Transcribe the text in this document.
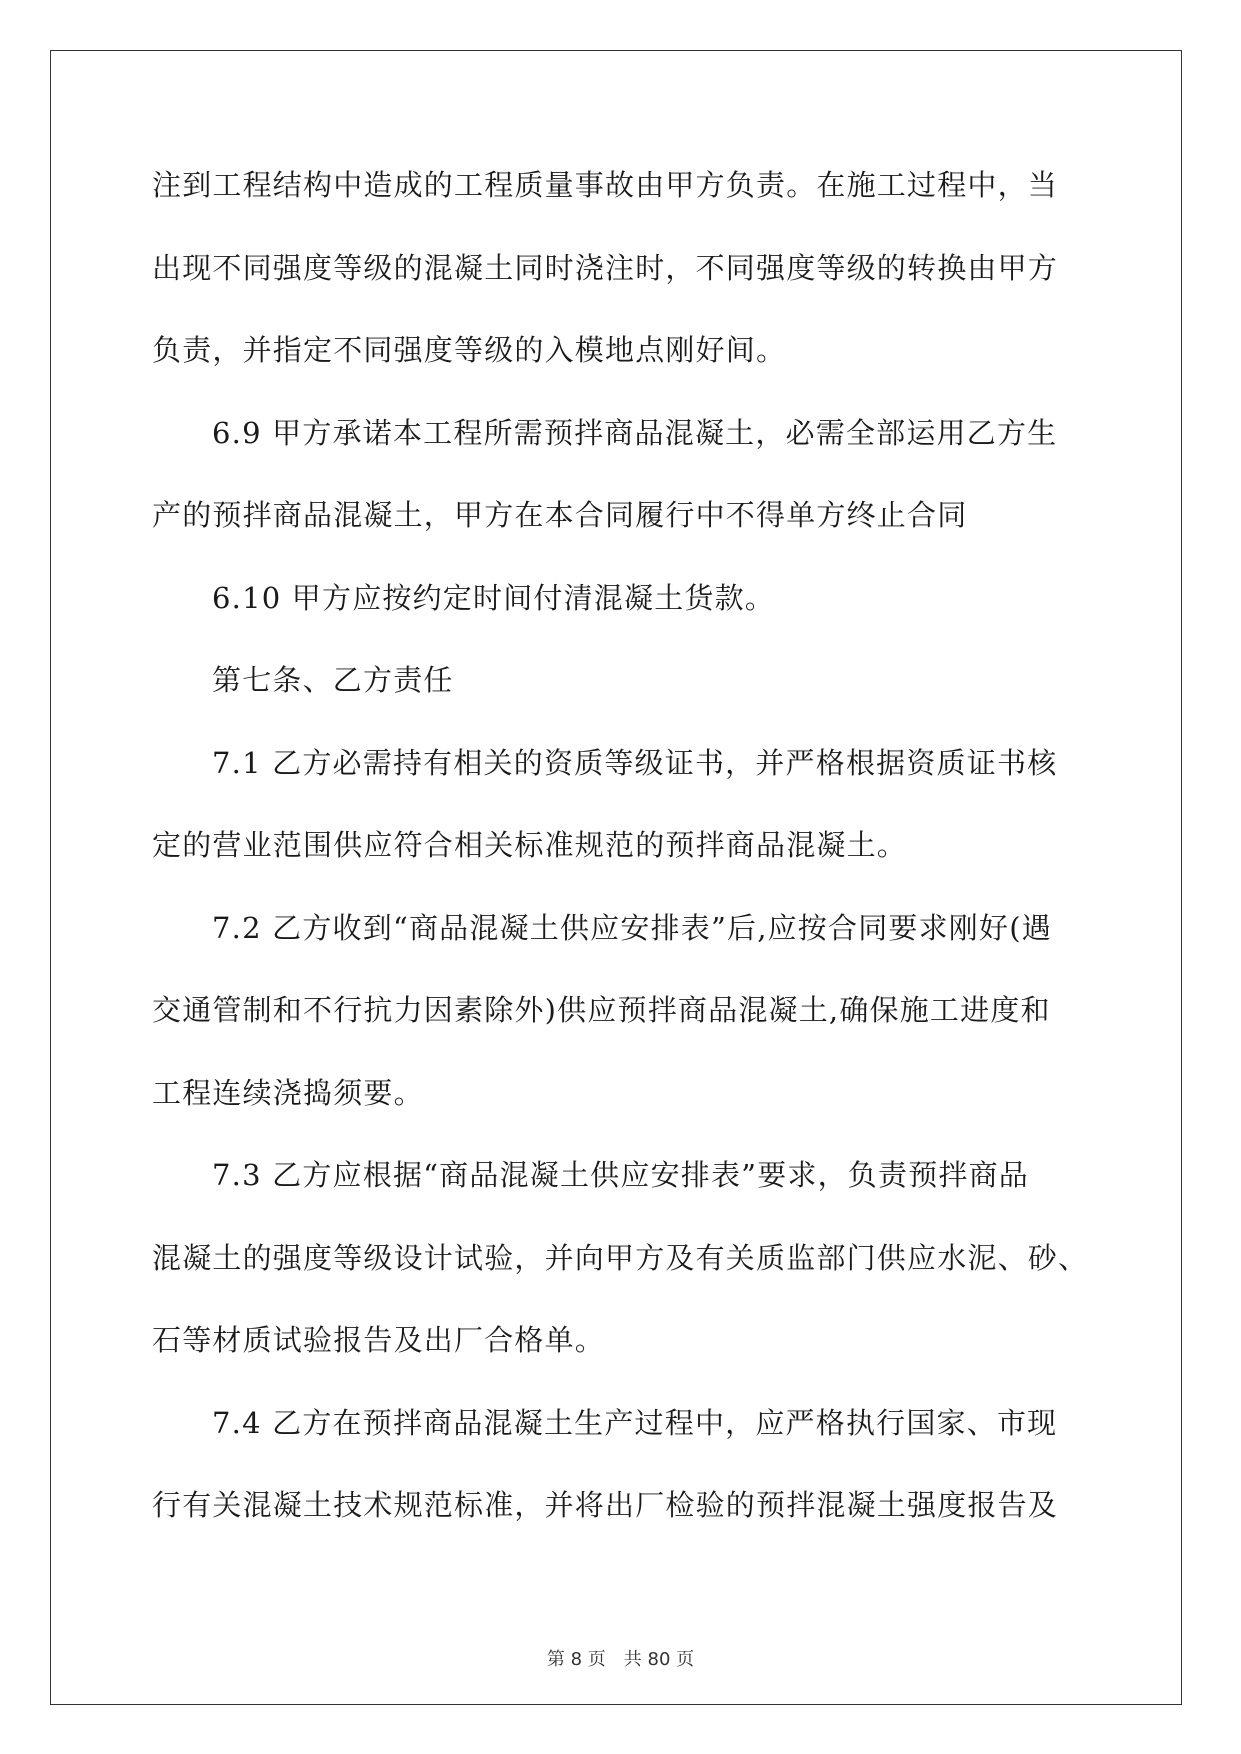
注到工程结构中造成的工程质量事故由甲方负责。在施工过程中，当
出现不同强度等级的混凝土同时浇注时，不同强度等级的转换由甲方
负责，并指定不同强度等级的入模地点刚好间。
6.9 甲方承诺本工程所需预拌商品混凝土，必需全部运用乙方生
产的预拌商品混凝土，甲方在本合同履行中不得单方终止合同
6.10 甲方应按约定时间付清混凝土货款。
第七条、乙方责任
7.1 乙方必需持有相关的资质等级证书，并严格根据资质证书核
定的营业范围供应符合相关标准规范的预拌商品混凝土。
7.2 乙方收到“商品混凝土供应安排表”后,应按合同要求刚好(遇
交通管制和不行抗力因素除外)供应预拌商品混凝土,确保施工进度和
工程连续浇捣须要。
7.3 乙方应根据“商品混凝土供应安排表”要求，负责预拌商品
混凝土的强度等级设计试验，并向甲方及有关质监部门供应水泥、砂、
石等材质试验报告及出厂合格单。
7.4 乙方在预拌商品混凝土生产过程中，应严格执行国家、市现
行有关混凝土技术规范标准，并将出厂检验的预拌混凝土强度报告及
第 8 页　共 80 页
